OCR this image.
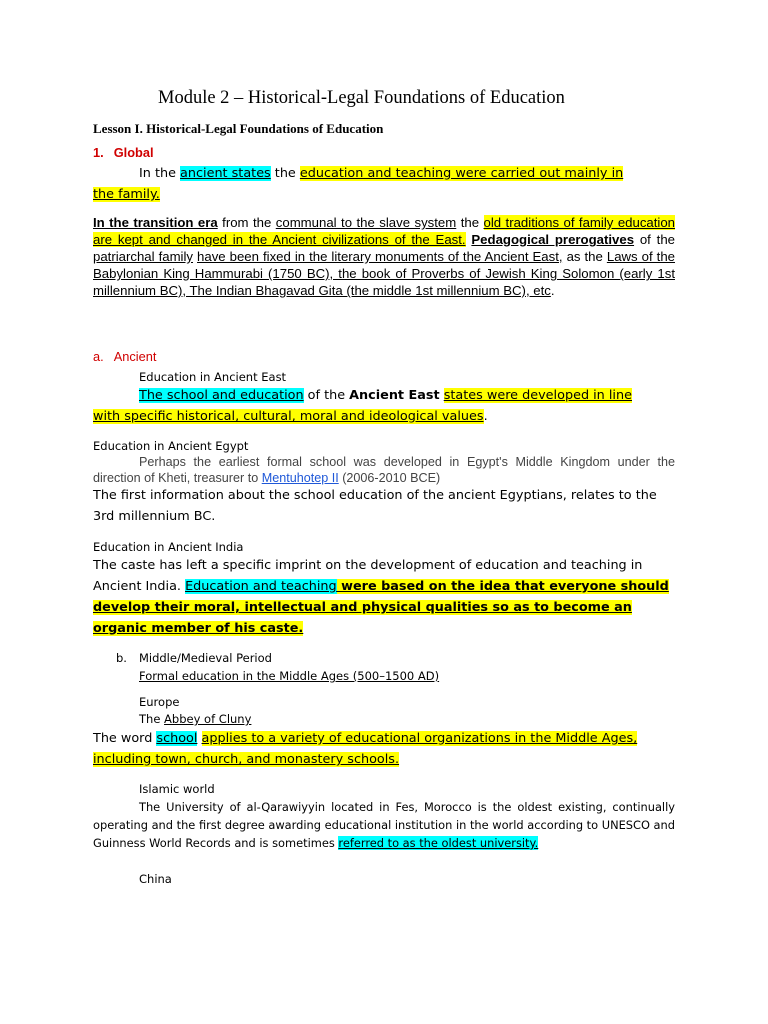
Module 2 – Historical-Legal Foundations of Education
Lesson I. Historical-Legal Foundations of Education
1. Global
In the ancient states the education and teaching were carried out mainly in
the family.
In the transition era from the communal to the slave system the old traditions of family education are kept and changed in the Ancient civilizations of the East. Pedagogical prerogatives of the patriarchal family have been fixed in the literary monuments of the Ancient East, as the Laws of the Babylonian King Hammurabi (1750 BC), the book of Proverbs of Jewish King Solomon (early 1st millennium BC), The Indian Bhagavad Gita (the middle 1st millennium BC), etc.
a. Ancient
Education in Ancient East
The school and education of the Ancient East states were developed in line
with specific historical, cultural, moral and ideological values.
Education in Ancient Egypt
Perhaps the earliest formal school was developed in Egypt's Middle Kingdom under the direction of Kheti, treasurer to Mentuhotep II (2006-2010 BCE)
The first information about the school education of the ancient Egyptians, relates to the 3rd millennium BC.
Education in Ancient India
The caste has left a specific imprint on the development of education and teaching in Ancient India. Education and teaching were based on the idea that everyone should develop their moral, intellectual and physical qualities so as to become an organic member of his caste.
b. Middle/Medieval Period
Formal education in the Middle Ages (500–1500 AD)
Europe
The Abbey of Cluny
The word school applies to a variety of educational organizations in the Middle Ages, including town, church, and monastery schools.
Islamic world
The University of al-Qarawiyyin located in Fes, Morocco is the oldest existing, continually operating and the first degree awarding educational institution in the world according to UNESCO and Guinness World Records and is sometimes referred to as the oldest university.
China
